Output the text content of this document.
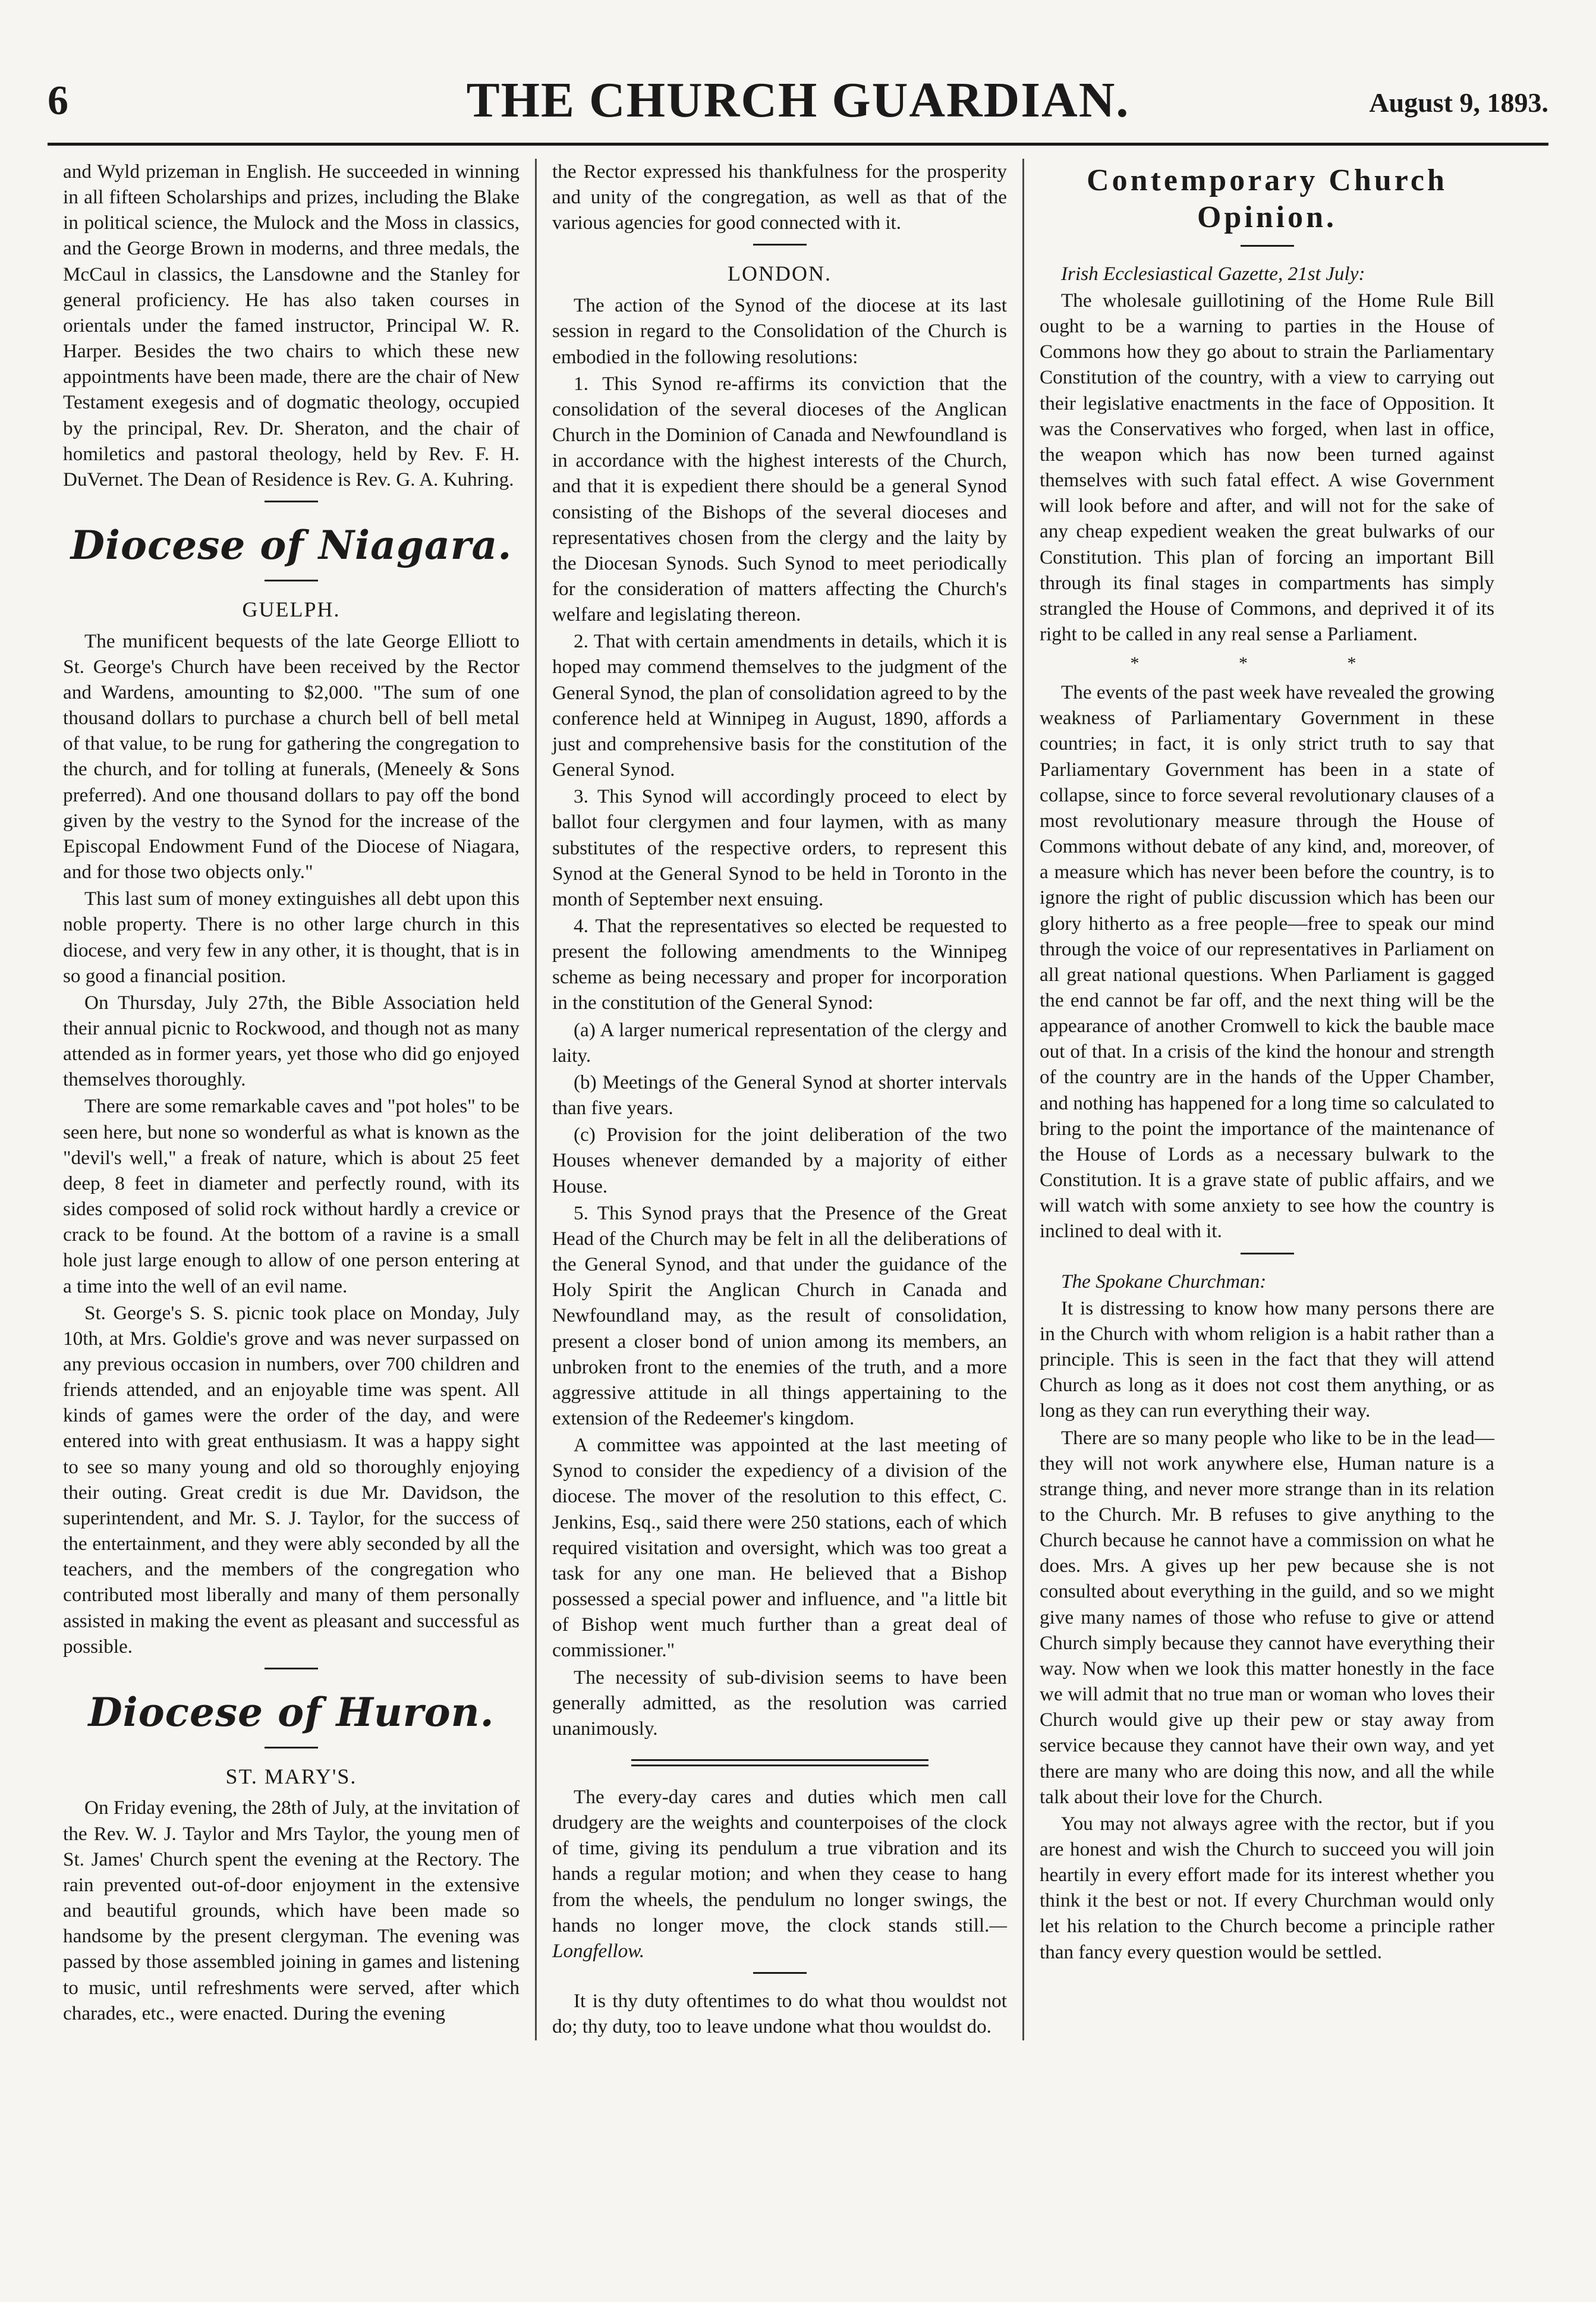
6	THE CHURCH GUARDIAN.	August 9, 1893.

and Wyld prizeman in English. He succeeded in winning in all fifteen Scholarships and prizes, including the Blake in political science, the Mulock and the Moss in classics, and the George Brown in moderns, and three medals, the McCaul in classics, the Lansdowne and the Stanley for general proficiency. He has also taken courses in orientals under the famed instructor, Principal W. R. Harper. Besides the two chairs to which these new appointments have been made, there are the chair of New Testament exegesis and of dogmatic theology, occupied by the principal, Rev. Dr. Sheraton, and the chair of homiletics and pastoral theology, held by Rev. F. H. DuVernet. The Dean of Residence is Rev. G. A. Kuhring.

Diocese of Niagara.
GUELPH.

The munificent bequests of the late George Elliott to St. George's Church have been received by the Rector and Wardens, amounting to $2,000. "The sum of one thousand dollars to purchase a church bell of bell metal of that value, to be rung for gathering the congregation to the church, and for tolling at funerals, (Meneely & Sons preferred). And one thousand dollars to pay off the bond given by the vestry to the Synod for the increase of the Episcopal Endowment Fund of the Diocese of Niagara, and for those two objects only."

This last sum of money extinguishes all debt upon this noble property. There is no other large church in this diocese, and very few in any other, it is thought, that is in so good a financial position.

On Thursday, July 27th, the Bible Association held their annual picnic to Rockwood, and though not as many attended as in former years, yet those who did go enjoyed themselves thoroughly.

There are some remarkable caves and "pot holes" to be seen here, but none so wonderful as what is known as the "devil's well," a freak of nature, which is about 25 feet deep, 8 feet in diameter and perfectly round, with its sides composed of solid rock without hardly a crevice or crack to be found. At the bottom of a ravine is a small hole just large enough to allow of one person entering at a time into the well of an evil name.

St. George's S. S. picnic took place on Monday, July 10th, at Mrs. Goldie's grove and was never surpassed on any previous occasion in numbers, over 700 children and friends attended, and an enjoyable time was spent. All kinds of games were the order of the day, and were entered into with great enthusiasm. It was a happy sight to see so many young and old so thoroughly enjoying their outing. Great credit is due Mr. Davidson, the superintendent, and Mr. S. J. Taylor, for the success of the entertainment, and they were ably seconded by all the teachers, and the members of the congregation who contributed most liberally and many of them personally assisted in making the event as pleasant and successful as possible.

Diocese of Huron.
ST. MARY'S.

On Friday evening, the 28th of July, at the invitation of the Rev. W. J. Taylor and Mrs Taylor, the young men of St. James' Church spent the evening at the Rectory. The rain prevented out-of-door enjoyment in the extensive and beautiful grounds, which have been made so handsome by the present clergyman. The evening was passed by those assembled joining in games and listening to music, until refreshments were served, after which charades, etc., were enacted. During the evening

the Rector expressed his thankfulness for the prosperity and unity of the congregation, as well as that of the various agencies for good connected with it.

LONDON.

The action of the Synod of the diocese at its last session in regard to the Consolidation of the Church is embodied in the following resolutions:

1. This Synod re-affirms its conviction that the consolidation of the several dioceses of the Anglican Church in the Dominion of Canada and Newfoundland is in accordance with the highest interests of the Church, and that it is expedient there should be a general Synod consisting of the Bishops of the several dioceses and representatives chosen from the clergy and the laity by the Diocesan Synods. Such Synod to meet periodically for the consideration of matters affecting the Church's welfare and legislating thereon.

2. That with certain amendments in details, which it is hoped may commend themselves to the judgment of the General Synod, the plan of consolidation agreed to by the conference held at Winnipeg in August, 1890, affords a just and comprehensive basis for the constitution of the General Synod.

3. This Synod will accordingly proceed to elect by ballot four clergymen and four laymen, with as many substitutes of the respective orders, to represent this Synod at the General Synod to be held in Toronto in the month of September next ensuing.

4. That the representatives so elected be requested to present the following amendments to the Winnipeg scheme as being necessary and proper for incorporation in the constitution of the General Synod:

(a) A larger numerical representation of the clergy and laity.

(b) Meetings of the General Synod at shorter intervals than five years.

(c) Provision for the joint deliberation of the two Houses whenever demanded by a majority of either House.

5. This Synod prays that the Presence of the Great Head of the Church may be felt in all the deliberations of the General Synod, and that under the guidance of the Holy Spirit the Anglican Church in Canada and Newfoundland may, as the result of consolidation, present a closer bond of union among its members, an unbroken front to the enemies of the truth, and a more aggressive attitude in all things appertaining to the extension of the Redeemer's kingdom.

A committee was appointed at the last meeting of Synod to consider the expediency of a division of the diocese. The mover of the resolution to this effect, C. Jenkins, Esq., said there were 250 stations, each of which required visitation and oversight, which was too great a task for any one man. He believed that a Bishop possessed a special power and influence, and "a little bit of Bishop went much further than a great deal of commissioner."

The necessity of sub-division seems to have been generally admitted, as the resolution was carried unanimously.

The every-day cares and duties which men call drudgery are the weights and counterpoises of the clock of time, giving its pendulum a true vibration and its hands a regular motion; and when they cease to hang from the wheels, the pendulum no longer swings, the hands no longer move, the clock stands still.—Longfellow.

It is thy duty oftentimes to do what thou wouldst not do; thy duty, too to leave undone what thou wouldst do.

Contemporary Church Opinion.

Irish Ecclesiastical Gazette, 21st July:

The wholesale guillotining of the Home Rule Bill ought to be a warning to parties in the House of Commons how they go about to strain the Parliamentary Constitution of the country, with a view to carrying out their legislative enactments in the face of Opposition. It was the Conservatives who forged, when last in office, the weapon which has now been turned against themselves with such fatal effect. A wise Government will look before and after, and will not for the sake of any cheap expedient weaken the great bulwarks of our Constitution. This plan of forcing an important Bill through its final stages in compartments has simply strangled the House of Commons, and deprived it of its right to be called in any real sense a Parliament.

* * *

The events of the past week have revealed the growing weakness of Parliamentary Government in these countries; in fact, it is only strict truth to say that Parliamentary Government has been in a state of collapse, since to force several revolutionary clauses of a most revolutionary measure through the House of Commons without debate of any kind, and, moreover, of a measure which has never been before the country, is to ignore the right of public discussion which has been our glory hitherto as a free people—free to speak our mind through the voice of our representatives in Parliament on all great national questions. When Parliament is gagged the end cannot be far off, and the next thing will be the appearance of another Cromwell to kick the bauble mace out of that. In a crisis of the kind the honour and strength of the country are in the hands of the Upper Chamber, and nothing has happened for a long time so calculated to bring to the point the importance of the maintenance of the House of Lords as a necessary bulwark to the Constitution. It is a grave state of public affairs, and we will watch with some anxiety to see how the country is inclined to deal with it.

The Spokane Churchman:

It is distressing to know how many persons there are in the Church with whom religion is a habit rather than a principle. This is seen in the fact that they will attend Church as long as it does not cost them anything, or as long as they can run everything their way.

There are so many people who like to be in the lead—they will not work anywhere else, Human nature is a strange thing, and never more strange than in its relation to the Church. Mr. B refuses to give anything to the Church because he cannot have a commission on what he does. Mrs. A gives up her pew because she is not consulted about everything in the guild, and so we might give many names of those who refuse to give or attend Church simply because they cannot have everything their way. Now when we look this matter honestly in the face we will admit that no true man or woman who loves their Church would give up their pew or stay away from service because they cannot have their own way, and yet there are many who are doing this now, and all the while talk about their love for the Church.

You may not always agree with the rector, but if you are honest and wish the Church to succeed you will join heartily in every effort made for its interest whether you think it the best or not. If every Churchman would only let his relation to the Church become a principle rather than fancy every question would be settled.
